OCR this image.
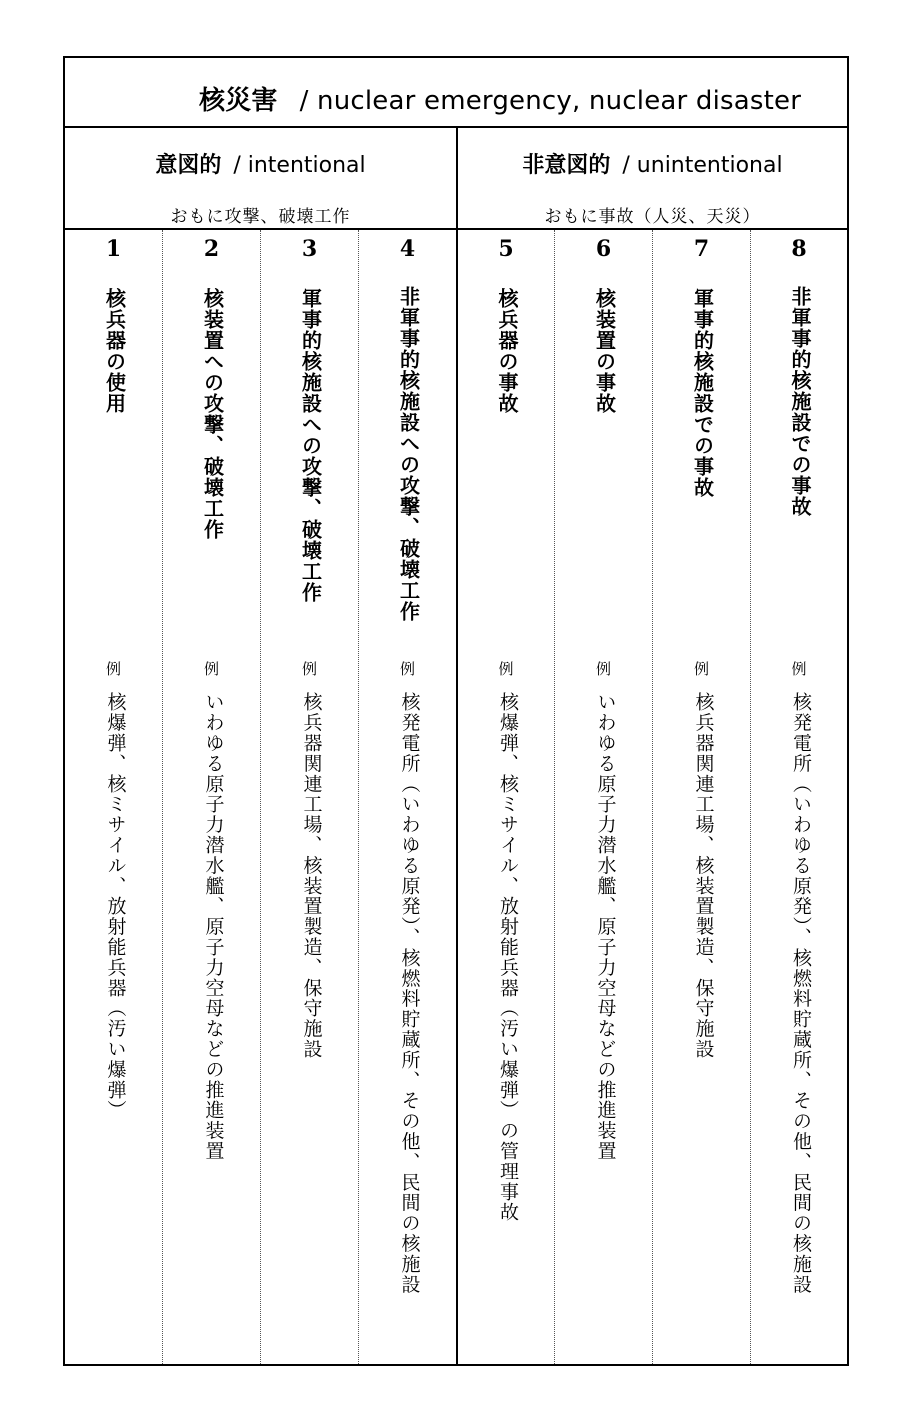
核災害 / nuclear emergency, nuclear disaster
意図的 / intentional
おもに攻撃、破壊工作
非意図的 / unintentional
おもに事故（人災、天災）
1
核兵器の使用
例
核爆弾、核ミサイル、放射能兵器（汚い爆弾）
2
核装置への攻撃、破壊工作
例
いわゆる原子力潜水艦、原子力空母などの推進装置
3
軍事的核施設への攻撃、破壊工作
例
核兵器関連工場、核装置製造、保守施設
4
非軍事的核施設への攻撃、破壊工作
例
核発電所（いわゆる原発）、核燃料貯蔵所、その他、民間の核施設
5
核兵器の事故
例
核爆弾、核ミサイル、放射能兵器（汚い爆弾）の管理事故
6
核装置の事故
例
いわゆる原子力潜水艦、原子力空母などの推進装置
7
軍事的核施設での事故
例
核兵器関連工場、核装置製造、保守施設
8
非軍事的核施設での事故
例
核発電所（いわゆる原発）、核燃料貯蔵所、その他、民間の核施設
